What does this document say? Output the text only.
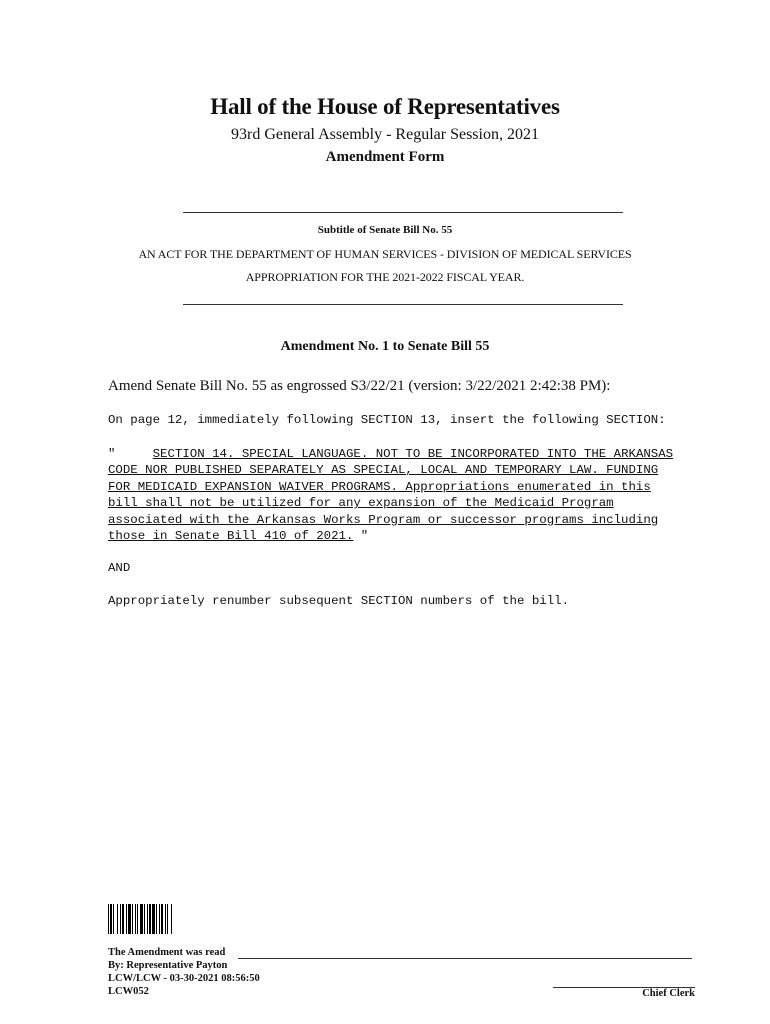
Hall of the House of Representatives
93rd General Assembly - Regular Session, 2021
Amendment Form
Subtitle of Senate Bill No. 55
AN ACT FOR THE DEPARTMENT OF HUMAN SERVICES - DIVISION OF MEDICAL SERVICES
APPROPRIATION FOR THE 2021-2022 FISCAL YEAR.
Amendment No. 1 to Senate Bill 55
Amend Senate Bill No. 55 as engrossed S3/22/21 (version: 3/22/2021 2:42:38 PM):
On page 12, immediately following SECTION 13, insert the following SECTION:
"     SECTION 14. SPECIAL LANGUAGE. NOT TO BE INCORPORATED INTO THE ARKANSAS
CODE NOR PUBLISHED SEPARATELY AS SPECIAL, LOCAL AND TEMPORARY LAW. FUNDING
FOR MEDICAID EXPANSION WAIVER PROGRAMS. Appropriations enumerated in this
bill shall not be utilized for any expansion of the Medicaid Program
associated with the Arkansas Works Program or successor programs including
those in Senate Bill 410 of 2021. "
AND
Appropriately renumber subsequent SECTION numbers of the bill.
The Amendment was read
By: Representative Payton
LCW/LCW - 03-30-2021 08:56:50
LCW052	Chief Clerk
